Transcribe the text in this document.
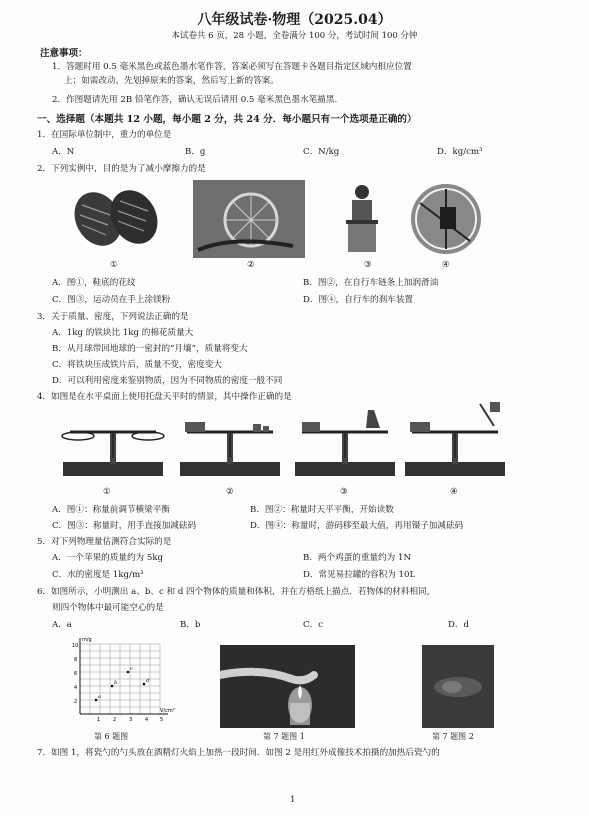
八年级试卷·物理（2025.04）
本试卷共 6 页，28 小题，全卷满分 100 分，考试时间 100 分钟
注意事项：
1．答题时用 0.5 毫米黑色或蓝色墨水笔作答，答案必须写在答题卡各题目指定区域内相应位置
上；如需改动，先划掉原来的答案，然后写上新的答案。
2．作图题请先用 2B 铅笔作答，确认无误后请用 0.5 毫米黑色墨水笔描黑.
一、选择题（本题共 12 小题，每小题 2 分，共 24 分．每小题只有一个选项是正确的）
1．在国际单位制中，重力的单位是
A．N	B．g	C．N/kg	D．kg/cm³
2．下列实例中，目的是为了减小摩擦力的是
①	②	③	④
A．图①，鞋底的花纹	B．图②，在自行车链条上加润滑油
C．图③，运动员在手上涂镁粉	D．图④，自行车的刹车装置
3．关于质量、密度，下列说法正确的是
A．1kg 的铁块比 1kg 的棉花质量大
B．从月球带回地球的一密封的“月壤”，质量将变大
C．将铁块压成铁片后，质量不变，密度变大
D．可以利用密度来鉴别物质，因为不同物质的密度一般不同
4．如图是在水平桌面上使用托盘天平时的情景，其中操作正确的是
①	②	③	④
A．图①：称量前调节横梁平衡	B．图②：称量时天平平衡，开始读数
C．图③：称量时，用手直接加减砝码	D．图④：称量时，游码移至最大值，再用镊子加减砝码
5．对下列物理量估测符合实际的是
A．一个苹果的质量约为 5kg	B．两个鸡蛋的重量约为 1N
C．水的密度是 1kg/m³	D．常见易拉罐的容积为 10L
6．如图所示，小明测出 a、b、c 和 d 四个物体的质量和体积，并在方格纸上描点．若物体的材料相同，
则四个物体中最可能空心的是
A．a	B．b	C．c	D．d
m/g
V/cm³
10
8
6
4
2
1	2	3	4 5
a
b
c
d
第 6 题图	第 7 题图 1	第 7 题图 2
7．如图 1，将瓷勺的勺头放在酒精灯火焰上加热一段时间．如图 2 是用红外成像技术拍摄的加热后瓷勺的
1
